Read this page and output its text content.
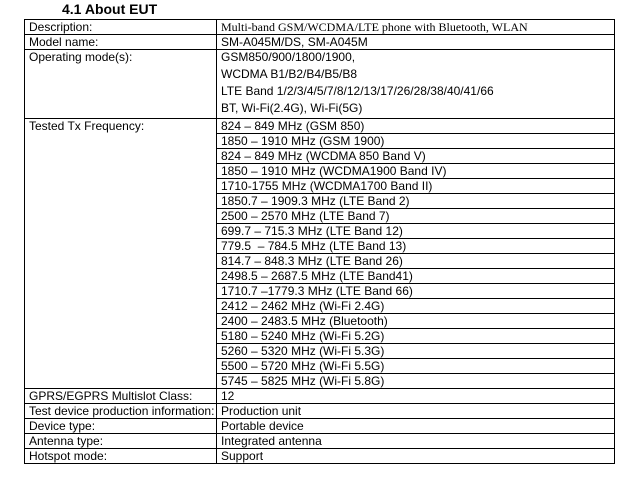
4.1 About EUT
Description:	Multi-band GSM/WCDMA/LTE phone with Bluetooth, WLAN
Model name:	SM-A045M/DS, SM-A045M
Operating mode(s):	GSM850/900/1800/1900,
WCDMA B1/B2/B4/B5/B8
LTE Band 1/2/3/4/5/7/8/12/13/17/26/28/38/40/41/66
BT, Wi-Fi(2.4G), Wi-Fi(5G)

Tested Tx Frequency:	824 – 849 MHz (GSM 850)
	1850 – 1910 MHz (GSM 1900)
	824 – 849 MHz (WCDMA 850 Band V)
	1850 – 1910 MHz (WCDMA1900 Band IV)
	1710-1755 MHz (WCDMA1700 Band II)
	1850.7 – 1909.3 MHz (LTE Band 2)
	2500 – 2570 MHz (LTE Band 7)
	699.7 – 715.3 MHz (LTE Band 12)
	779.5  – 784.5 MHz (LTE Band 13)
	814.7 – 848.3 MHz (LTE Band 26)
	2498.5 – 2687.5 MHz (LTE Band41)
	1710.7 –1779.3 MHz (LTE Band 66)
	2412 – 2462 MHz (Wi-Fi 2.4G)
	2400 – 2483.5 MHz (Bluetooth)
	5180 – 5240 MHz (Wi-Fi 5.2G)
	5260 – 5320 MHz (Wi-Fi 5.3G)
	5500 – 5720 MHz (Wi-Fi 5.5G)
	5745 – 5825 MHz (Wi-Fi 5.8G)
GPRS/EGPRS Multislot Class:	12
Test device production information:	Production unit
Device type:	Portable device
Antenna type:	Integrated antenna
Hotspot mode:	Support
